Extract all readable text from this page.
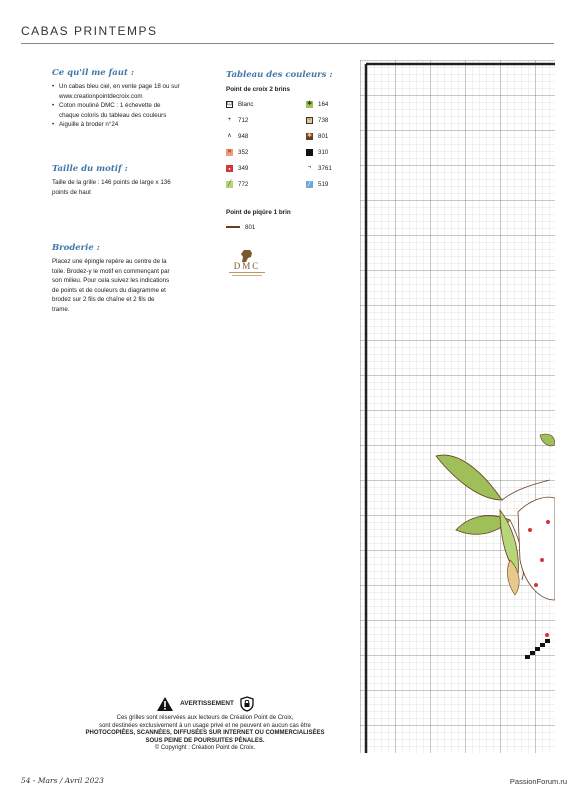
CABAS PRINTEMPS
Ce qu'il me faut :
• Un cabas bleu ciel, en vente page 18 ou sur www.creationpointdecroix.com
• Coton mouliné DMC : 1 échevette de chaque coloris du tableau des couleurs
• Aiguille à broder n°24
Taille du motif :
Taille de la grille : 146 points de large x 136 points de haut
Broderie :
Placez une épingle repère au centre de la toile. Brodez-y le motif en commençant par son milieu. Pour cela suivez les indications de points et de couleurs du diagramme et brodez sur 2 fils de chaîne et 2 fils de trame.
Tableau des couleurs :
Point de croix 2 brins
⊡ Blanc
+ 712
∧ 948
✕ 352
● 349
╱ 772
✱ 164
▫ 738
✱ 801
310
¬ 3761
╱ 519
Point de piqûre 1 brin
801
DMC
AVERTISSEMENT
Ces grilles sont réservées aux lecteurs de Création Point de Croix,
sont destinées exclusivement à un usage privé et ne peuvent en aucun cas être
PHOTOCOPIÉES, SCANNÉES, DIFFUSÉES SUR INTERNET OU COMMERCIALISÉES
SOUS PEINE DE POURSUITES PÉNALES.
© Copyright : Création Point de Croix.
54 - Mars / Avril 2023	PassionForum.ru
